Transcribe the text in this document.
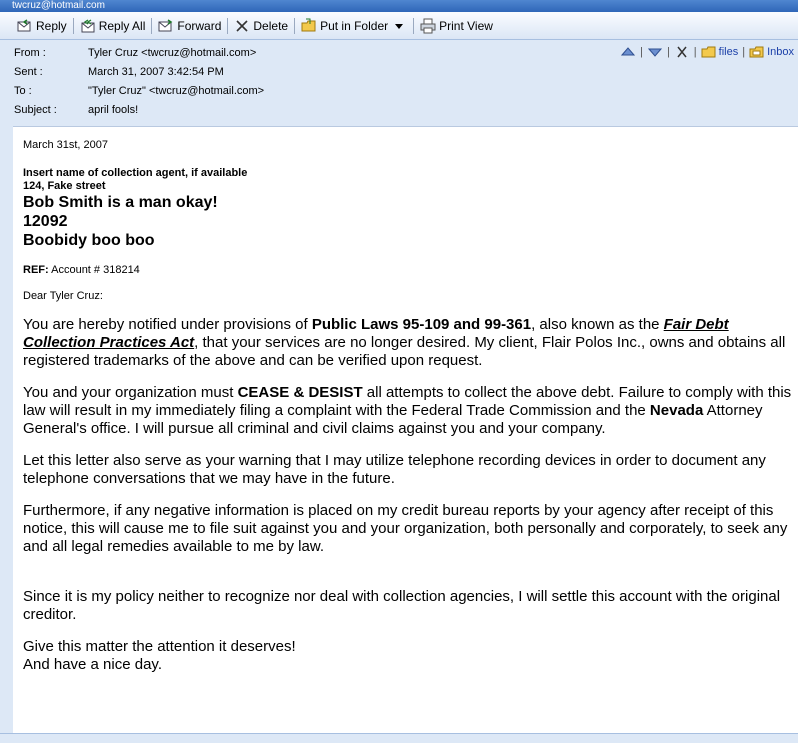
twcruz@hotmail.com
Reply	Reply All	Forward	Delete	Put in Folder	Print View
From :	Tyler Cruz <twcruz@hotmail.com>
Sent :	March 31, 2007 3:42:54 PM
To :	"Tyler Cruz" <twcruz@hotmail.com>
Subject :	april fools!
| | | files | Inbox
March 31st, 2007
Insert name of collection agent, if available
124, Fake street
Bob Smith is a man okay!
12092
Boobidy boo boo
REF: Account # 318214
Dear Tyler Cruz:
You are hereby notified under provisions of Public Laws 95-109 and 99-361, also known as the Fair Debt Collection Practices Act, that your services are no longer desired. My client, Flair Polos Inc., owns and obtains all registered trademarks of the above and can be verified upon request.
You and your organization must CEASE & DESIST all attempts to collect the above debt. Failure to comply with this law will result in my immediately filing a complaint with the Federal Trade Commission and the Nevada Attorney General's office. I will pursue all criminal and civil claims against you and your company.
Let this letter also serve as your warning that I may utilize telephone recording devices in order to document any telephone conversations that we may have in the future.
Furthermore, if any negative information is placed on my credit bureau reports by your agency after receipt of this notice, this will cause me to file suit against you and your organization, both personally and corporately, to seek any and all legal remedies available to me by law.
Since it is my policy neither to recognize nor deal with collection agencies, I will settle this account with the original creditor.
Give this matter the attention it deserves!
And have a nice day.
